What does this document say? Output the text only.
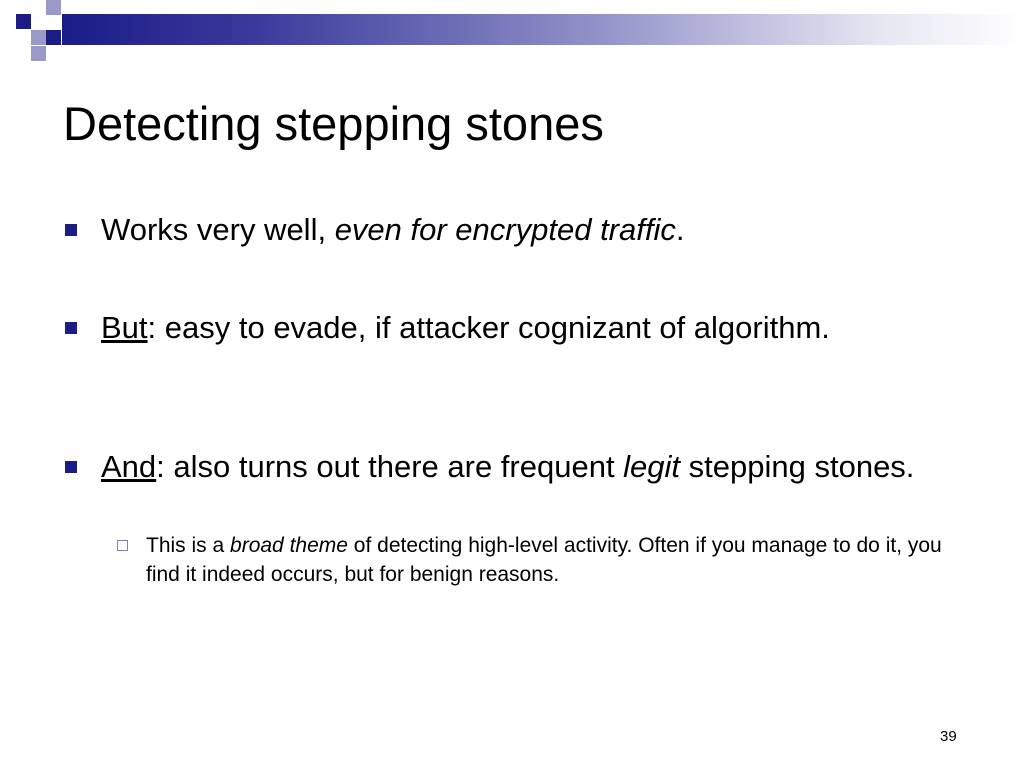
Detecting stepping stones
Works very well, even for encrypted traffic.
But: easy to evade, if attacker cognizant of algorithm.
And: also turns out there are frequent legit stepping stones.
This is a broad theme of detecting high-level activity. Often if you manage to do it, you find it indeed occurs, but for benign reasons.
39
